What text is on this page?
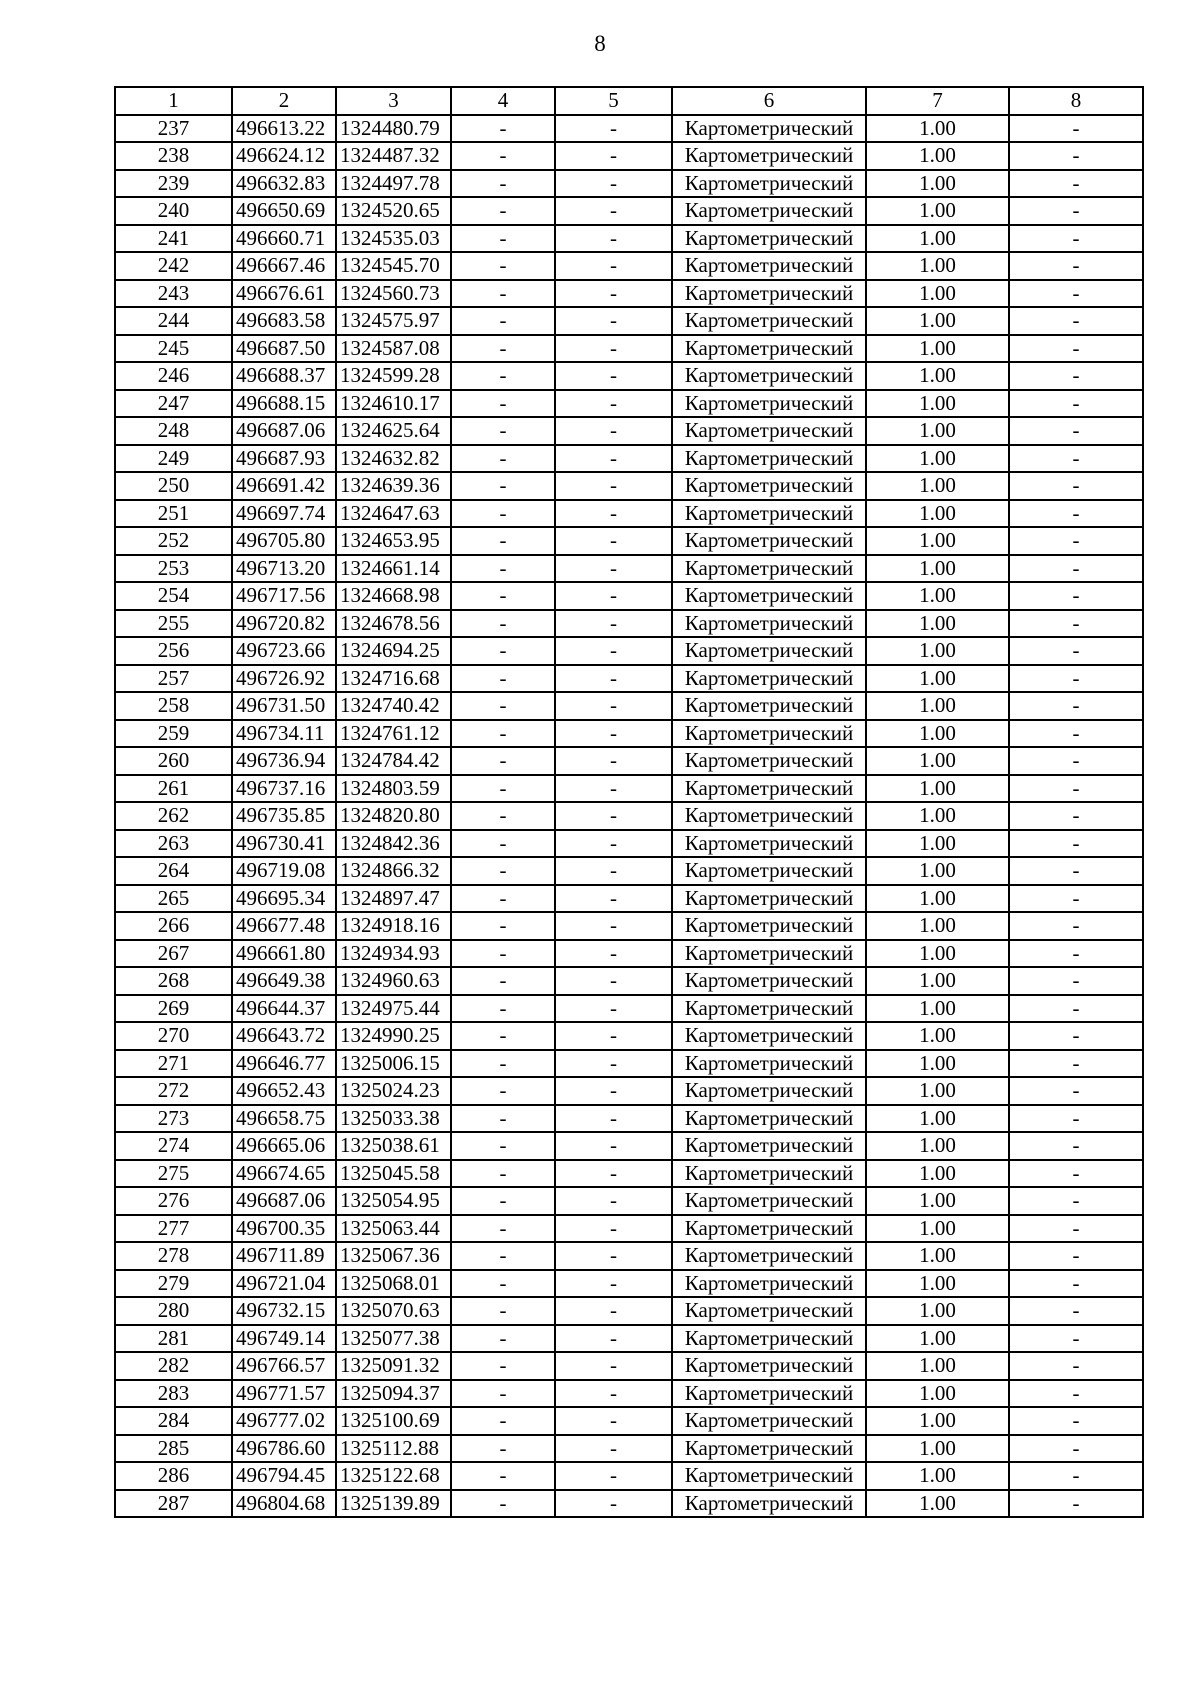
8
1	2	3	4	5	6	7	8
237	496613.22	1324480.79	-	-	Картометрический	1.00	-
238	496624.12	1324487.32	-	-	Картометрический	1.00	-
239	496632.83	1324497.78	-	-	Картометрический	1.00	-
240	496650.69	1324520.65	-	-	Картометрический	1.00	-
241	496660.71	1324535.03	-	-	Картометрический	1.00	-
242	496667.46	1324545.70	-	-	Картометрический	1.00	-
243	496676.61	1324560.73	-	-	Картометрический	1.00	-
244	496683.58	1324575.97	-	-	Картометрический	1.00	-
245	496687.50	1324587.08	-	-	Картометрический	1.00	-
246	496688.37	1324599.28	-	-	Картометрический	1.00	-
247	496688.15	1324610.17	-	-	Картометрический	1.00	-
248	496687.06	1324625.64	-	-	Картометрический	1.00	-
249	496687.93	1324632.82	-	-	Картометрический	1.00	-
250	496691.42	1324639.36	-	-	Картометрический	1.00	-
251	496697.74	1324647.63	-	-	Картометрический	1.00	-
252	496705.80	1324653.95	-	-	Картометрический	1.00	-
253	496713.20	1324661.14	-	-	Картометрический	1.00	-
254	496717.56	1324668.98	-	-	Картометрический	1.00	-
255	496720.82	1324678.56	-	-	Картометрический	1.00	-
256	496723.66	1324694.25	-	-	Картометрический	1.00	-
257	496726.92	1324716.68	-	-	Картометрический	1.00	-
258	496731.50	1324740.42	-	-	Картометрический	1.00	-
259	496734.11	1324761.12	-	-	Картометрический	1.00	-
260	496736.94	1324784.42	-	-	Картометрический	1.00	-
261	496737.16	1324803.59	-	-	Картометрический	1.00	-
262	496735.85	1324820.80	-	-	Картометрический	1.00	-
263	496730.41	1324842.36	-	-	Картометрический	1.00	-
264	496719.08	1324866.32	-	-	Картометрический	1.00	-
265	496695.34	1324897.47	-	-	Картометрический	1.00	-
266	496677.48	1324918.16	-	-	Картометрический	1.00	-
267	496661.80	1324934.93	-	-	Картометрический	1.00	-
268	496649.38	1324960.63	-	-	Картометрический	1.00	-
269	496644.37	1324975.44	-	-	Картометрический	1.00	-
270	496643.72	1324990.25	-	-	Картометрический	1.00	-
271	496646.77	1325006.15	-	-	Картометрический	1.00	-
272	496652.43	1325024.23	-	-	Картометрический	1.00	-
273	496658.75	1325033.38	-	-	Картометрический	1.00	-
274	496665.06	1325038.61	-	-	Картометрический	1.00	-
275	496674.65	1325045.58	-	-	Картометрический	1.00	-
276	496687.06	1325054.95	-	-	Картометрический	1.00	-
277	496700.35	1325063.44	-	-	Картометрический	1.00	-
278	496711.89	1325067.36	-	-	Картометрический	1.00	-
279	496721.04	1325068.01	-	-	Картометрический	1.00	-
280	496732.15	1325070.63	-	-	Картометрический	1.00	-
281	496749.14	1325077.38	-	-	Картометрический	1.00	-
282	496766.57	1325091.32	-	-	Картометрический	1.00	-
283	496771.57	1325094.37	-	-	Картометрический	1.00	-
284	496777.02	1325100.69	-	-	Картометрический	1.00	-
285	496786.60	1325112.88	-	-	Картометрический	1.00	-
286	496794.45	1325122.68	-	-	Картометрический	1.00	-
287	496804.68	1325139.89	-	-	Картометрический	1.00	-
